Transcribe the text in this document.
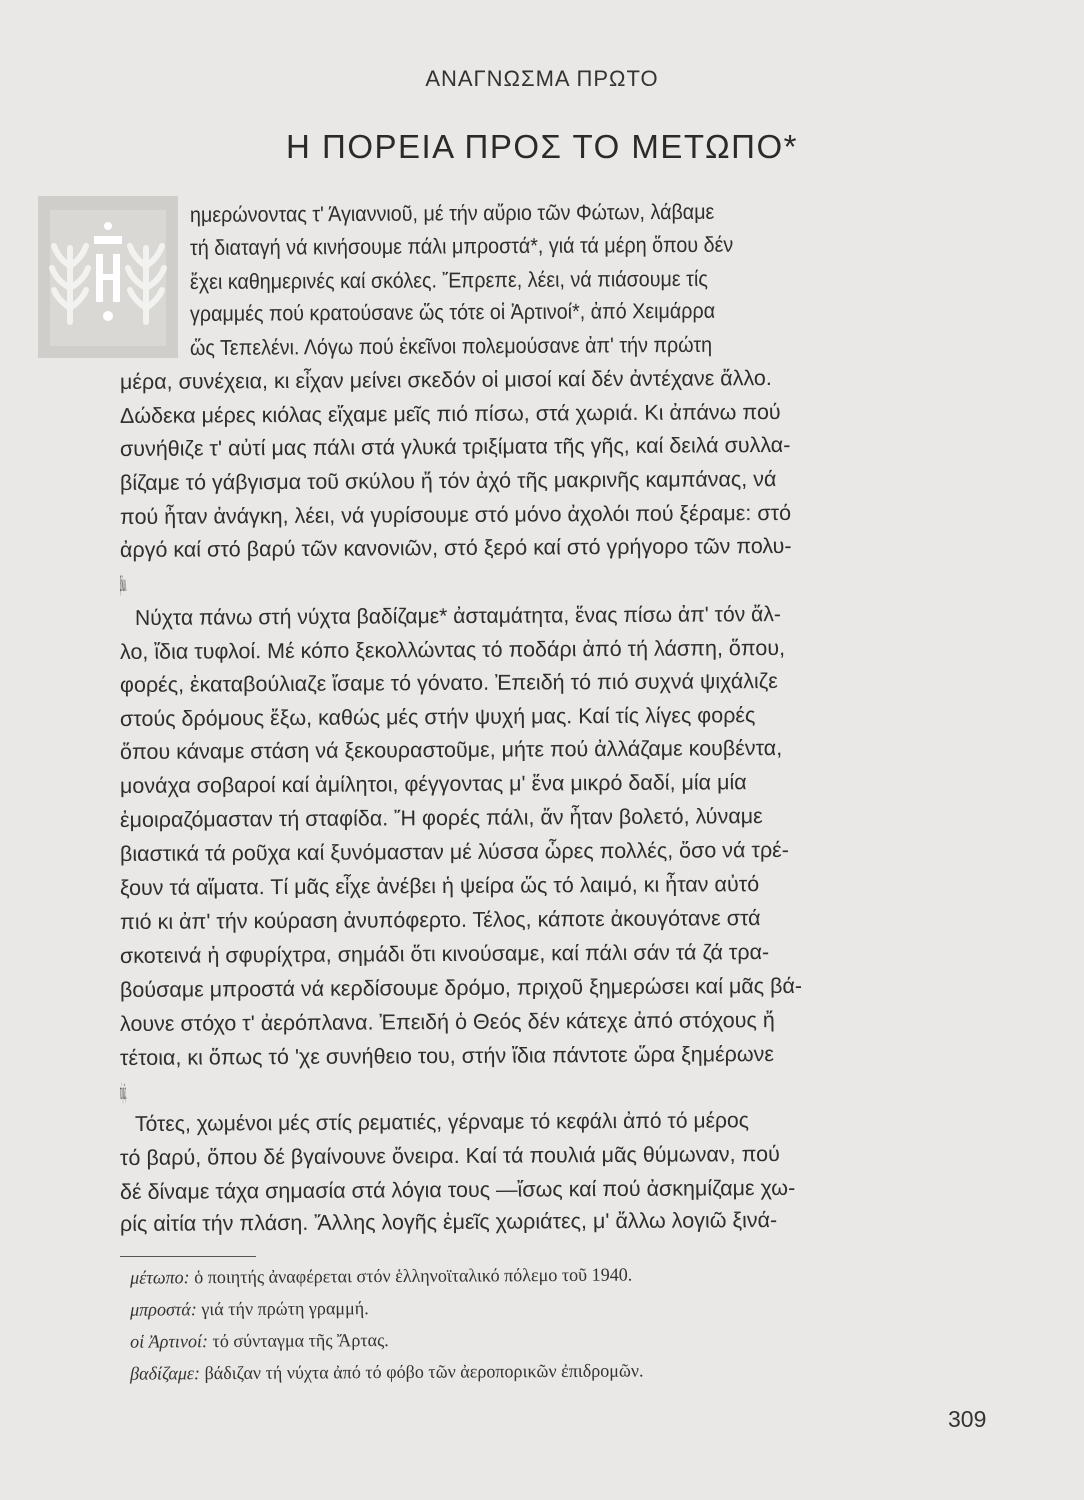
ΑΝΑΓΝΩΣΜΑ ΠΡΩΤΟ
Η ΠΟΡΕΙΑ ΠΡΟΣ ΤΟ ΜΕΤΩΠΟ*
ημερώνοντας τ' Άγιαννιοῦ, μέ τήν αὔριο τῶν Φώτων, λάβαμε
τή διαταγή νά κινήσουμε πάλι μπροστά*, γιά τά μέρη ὅπου δέν
ἔχει καθημερινές καί σκόλες. Ἔπρεπε, λέει, νά πιάσουμε τίς
γραμμές πού κρατούσανε ὥς τότε οἱ Ἀρτινοί*, ἀπό Χειμάρρα
ὥς Τεπελένι. Λόγω πού ἐκεῖνοι πολεμούσανε ἀπ' τήν πρώτη
μέρα, συνέχεια, κι εἶχαν μείνει σκεδόν οἱ μισοί καί δέν ἀντέχανε ἄλλο.
Δώδεκα μέρες κιόλας εἴχαμε μεῖς πιό πίσω, στά χωριά. Κι ἀπάνω πού
συνήθιζε τ' αὐτί μας πάλι στά γλυκά τριξίματα τῆς γῆς, καί δειλά συλλα-
βίζαμε τό γάβγισμα τοῦ σκύλου ἤ τόν ἀχό τῆς μακρινῆς καμπάνας, νά
πού ἦταν ἀνάγκη, λέει, νά γυρίσουμε στό μόνο ἀχολόι πού ξέραμε: στό
ἀργό καί στό βαρύ τῶν κανονιῶν, στό ξερό καί στό γρήγορο τῶν πολυ-
βόλων.
Νύχτα πάνω στή νύχτα βαδίζαμε* ἀσταμάτητα, ἕνας πίσω ἀπ' τόν ἄλ-
λο, ἴδια τυφλοί. Μέ κόπο ξεκολλώντας τό ποδάρι ἀπό τή λάσπη, ὅπου,
φορές, ἐκαταβούλιαζε ἴσαμε τό γόνατο. Ἐπειδή τό πιό συχνά ψιχάλιζε
στούς δρόμους ἔξω, καθώς μές στήν ψυχή μας. Καί τίς λίγες φορές
ὅπου κάναμε στάση νά ξεκουραστοῦμε, μήτε πού ἀλλάζαμε κουβέντα,
μονάχα σοβαροί καί ἀμίλητοι, φέγγοντας μ' ἕνα μικρό δαδί, μία μία
ἐμοιραζόμασταν τή σταφίδα. Ἤ φορές πάλι, ἄν ἦταν βολετό, λύναμε
βιαστικά τά ροῦχα καί ξυνόμασταν μέ λύσσα ὧρες πολλές, ὅσο νά τρέ-
ξουν τά αἵματα. Τί μᾶς εἶχε ἀνέβει ἡ ψείρα ὥς τό λαιμό, κι ἦταν αὐτό
πιό κι ἀπ' τήν κούραση ἀνυπόφερτο. Τέλος, κάποτε ἀκουγότανε στά
σκοτεινά ἡ σφυρίχτρα, σημάδι ὅτι κινούσαμε, καί πάλι σάν τά ζά τρα-
βούσαμε μπροστά νά κερδίσουμε δρόμο, πριχοῦ ξημερώσει καί μᾶς βά-
λουνε στόχο τ' ἀερόπλανα. Ἐπειδή ὁ Θεός δέν κάτεχε ἀπό στόχους ἤ
τέτοια, κι ὅπως τό 'χε συνήθειο του, στήν ἴδια πάντοτε ὥρα ξημέρωνε
τό φῶς.
Τότες, χωμένοι μές στίς ρεματιές, γέρναμε τό κεφάλι ἀπό τό μέρος
τό βαρύ, ὅπου δέ βγαίνουνε ὄνειρα. Καί τά πουλιά μᾶς θύμωναν, πού
δέ δίναμε τάχα σημασία στά λόγια τους —ἴσως καί πού ἀσκημίζαμε χω-
ρίς αἰτία τήν πλάση. Ἄλλης λογῆς ἐμεῖς χωριάτες, μ' ἄλλω λογιῶ ξινά-
μέτωπο: ὁ ποιητής ἀναφέρεται στόν ἑλληνοϊταλικό πόλεμο τοῦ 1940.
μπροστά: γιά τήν πρώτη γραμμή.
οἱ Ἀρτινοί: τό σύνταγμα τῆς Ἄρτας.
βαδίζαμε: βάδιζαν τή νύχτα ἀπό τό φόβο τῶν ἀεροπορικῶν ἐπιδρομῶν.
309
